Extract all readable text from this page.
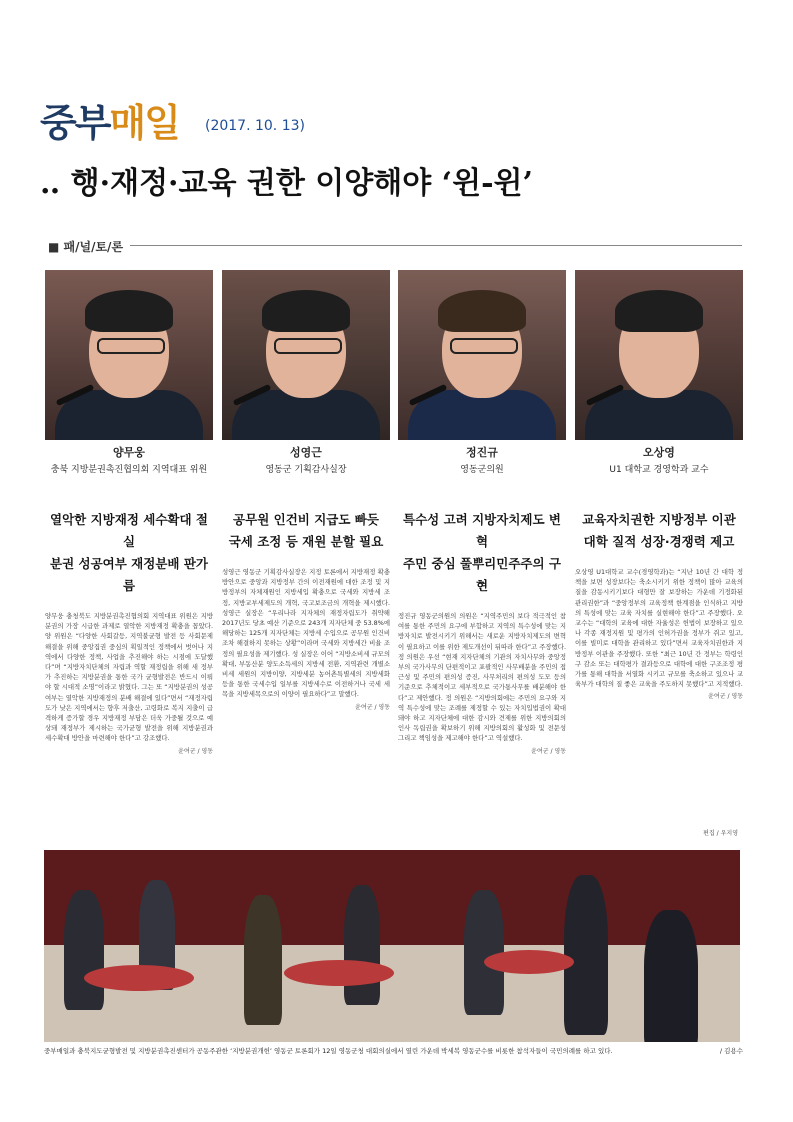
중부매일 (2017. 10. 13)
‥ 행·재정·교육 권한 이양해야 ‘윈-윈’
■ 패/널/토/론
양무웅
충북 지방분권촉진협의회 지역대표 위원
열악한 지방재정 세수확대 절실
분권 성공여부 재정분배 판가름
양무웅 충청북도 지방분권촉진협의회 지역대표 위원은 지방분권의 가장 시급한 과제로 열악한 지방재정 확충을 꼽았다. 양 위원은 “다양한 사회갈등, 지역불균형 발전 등 사회문제 해결을 위해 중앙집권 중심의 획일적인 정책에서 벗어나 지역에서 다양한 정책, 사업을 추진해야 하는 시점에 도달했다”며 “지방자치단체의 자립과 역할 재정립을 위해 새 정부가 추진하는 지방분권을 통한 국가 균형발전은 반드시 이뤄야 할 시대적 소명”이라고 밝혔다. 그는 또 “지방분권의 성공여부는 열악한 지방재정의 분배 해결에 있다”면서 “재정자립도가 낮은 지역에서는 향후 저출산, 고령화로 복지 지출이 급격하게 증가할 경우 지방재정 부담은 더욱 가중될 것으로 예상돼 재정부가 제시하는 국가균형 발전을 위해 지방분권과 세수확대 방안을 마련해야 한다”고 강조했다.
윤여군 / 영동
성영근
영동군 기획감사실장
공무원 인건비 지급도 빠듯
국세 조정 등 재원 분할 필요
성영근 영동군 기획감사실장은 지정 토론에서 지방재정 확충방안으로 중앙과 지방정부 간의 이전재원에 대한 조정 및 지방정부의 자체재원인 지방세입 확충으로 국세와 지방세 조정, 지방교부세제도의 개혁, 국고보조금의 개혁을 제시했다. 성영근 실장은 “우리나라 지자체의 재정자립도가 취약해 2017년도 당초 예산 기준으로 243개 지자단체 중 53.8%에 해당하는 125개 지자단체는 지방세 수입으로 공무원 인건비 조차 해결하지 못하는 상황”이라며 국세와 지방세간 비율 조정의 필요성을 제기했다. 성 실장은 이어 “지방소비세 규모의 확대, 부동산분 양도소득세의 지방세 전환, 지역관련 개별소비세 세원의 지방이양, 지방세분 농어촌특별세의 지방세화 등을 통한 국세수입 일부를 지방세수로 이전하거나 국세 세목을 지방세목으로의 이양이 필요하다”고 말했다.
윤여군 / 영동
정진규
영동군의원
특수성 고려 지방자치제도 변혁
주민 중심 풀뿌리민주주의 구현
정진규 영동군의원의 의원은 “지역주민의 보다 적극적인 참여를 통한 주민의 요구에 부합하고 지역의 특수성에 맞는 지방자치로 발전시키기 위해서는 새로운 지방자치제도의 변혁이 필요하고 이를 위한 제도개선이 뒤따라 한다”고 주장했다. 정 의원은 우선 “현재 지자단체의 기관의 자치사무와 중앙정부의 국가사무의 단편적이고 포괄적인 사무배분을 주민의 접근성 및 주민의 편의성 증진, 사무처리의 편의성 도모 등의 기준으로 추체적이고 세부적으로 국가통사무를 배분해야 한다”고 제안했다. 정 의원은 “지방의회에는 주민의 요구와 지역 특수성에 맞는 조례를 제정할 수 있는 자치입법권이 확대돼야 하고 지자단체에 대한 감시와 견제를 위한 지방의회의 인사 독립권을 확보하기 위해 지방의회의 활성화 및 전문성 그리고 책임성을 제고해야 한다”고 역설했다.
윤여군 / 영동
오상영
U1 대학교 경영학과 교수
교육자치권한 지방정부 이관
대학 질적 성장·경쟁력 제고
오상영 U1대학교 교수(경영학과)는 “지난 10년 간 대학 정책을 보면 성장보다는 축소시키기 위한 정책이 많아 교육의 질을 감동시키기보다 대형만 잘 보장하는 가운데 기정화된 관리권한”과 “중앙정부의 교육정책 한계점을 인식하고 지방의 특성에 맞는 교육 자치를 실현해야 한다”고 주장했다. 오 교수는 “대학의 교육에 대한 자율성은 헌법이 보장하고 있으나 각종 재정지원 및 평가의 인허가권을 정부가 쥐고 있고, 이를 빌미로 대학을 관리하고 있다”면서 교육자치권한과 지방정부 이관을 주장했다. 또한 “최근 10년 간 정부는 학령인구 감소 또는 대학평가 결과등으로 대학에 대한 구조조정 평가를 통해 대학을 서열화 시키고 규모를 축소하고 있으나 교육부가 대학의 질 좋은 교육을 주도하지 못했다”고 지적했다.
윤여군 / 영동
편집 / 우지영
중부매일과 충북지도균형발전 및 지방분권촉진센터가 공동주관한 ‘지방분권개헌’ 영동군 토론회가 12일 영동군청 대회의실에서 열린 가운데 박세복 영동군수를 비롯한 참석자들이 국민의례를 하고 있다.	/ 김용수
